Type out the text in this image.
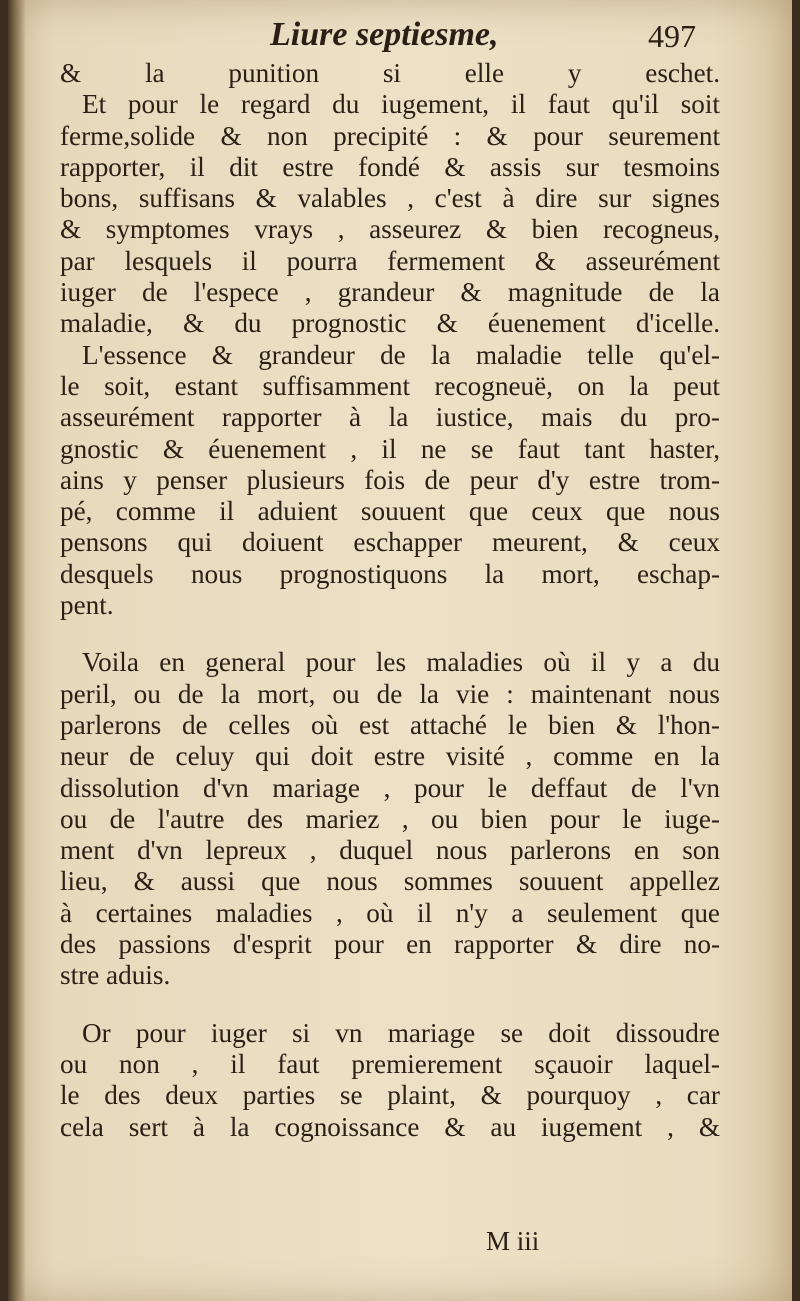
Liure septiesme,	497
& la punition si elle y eschet.
Et pour le regard du iugement, il faut qu'il soit
ferme,solide & non precipité : & pour seurement
rapporter, il dit estre fondé & assis sur tesmoins
bons, suffisans & valables , c'est à dire sur signes
& symptomes vrays , asseurez & bien recogneus,
par lesquels il pourra fermement & asseurément
iuger de l'espece , grandeur & magnitude de la
maladie, & du prognostic & éuenement d'icelle.
L'essence & grandeur de la maladie telle qu'el-
le soit, estant suffisamment recogneuë, on la peut
asseurément rapporter à la iustice, mais du pro-
gnostic & éuenement , il ne se faut tant haster,
ains y penser plusieurs fois de peur d'y estre trom-
pé, comme il aduient souuent que ceux que nous
pensons qui doiuent eschapper meurent, & ceux
desquels nous prognostiquons la mort, eschap-
pent.
Voila en general pour les maladies où il y a du
peril, ou de la mort, ou de la vie : maintenant nous
parlerons de celles où est attaché le bien & l'hon-
neur de celuy qui doit estre visité , comme en la
dissolution d'vn mariage , pour le deffaut de l'vn
ou de l'autre des mariez , ou bien pour le iuge-
ment d'vn lepreux , duquel nous parlerons en son
lieu, & aussi que nous sommes souuent appellez
à certaines maladies , où il n'y a seulement que
des passions d'esprit pour en rapporter & dire no-
stre aduis.
Or pour iuger si vn mariage se doit dissoudre
ou non , il faut premierement sçauoir laquel-
le des deux parties se plaint, & pourquoy , car
cela sert à la cognoissance & au iugement , &
M iii
